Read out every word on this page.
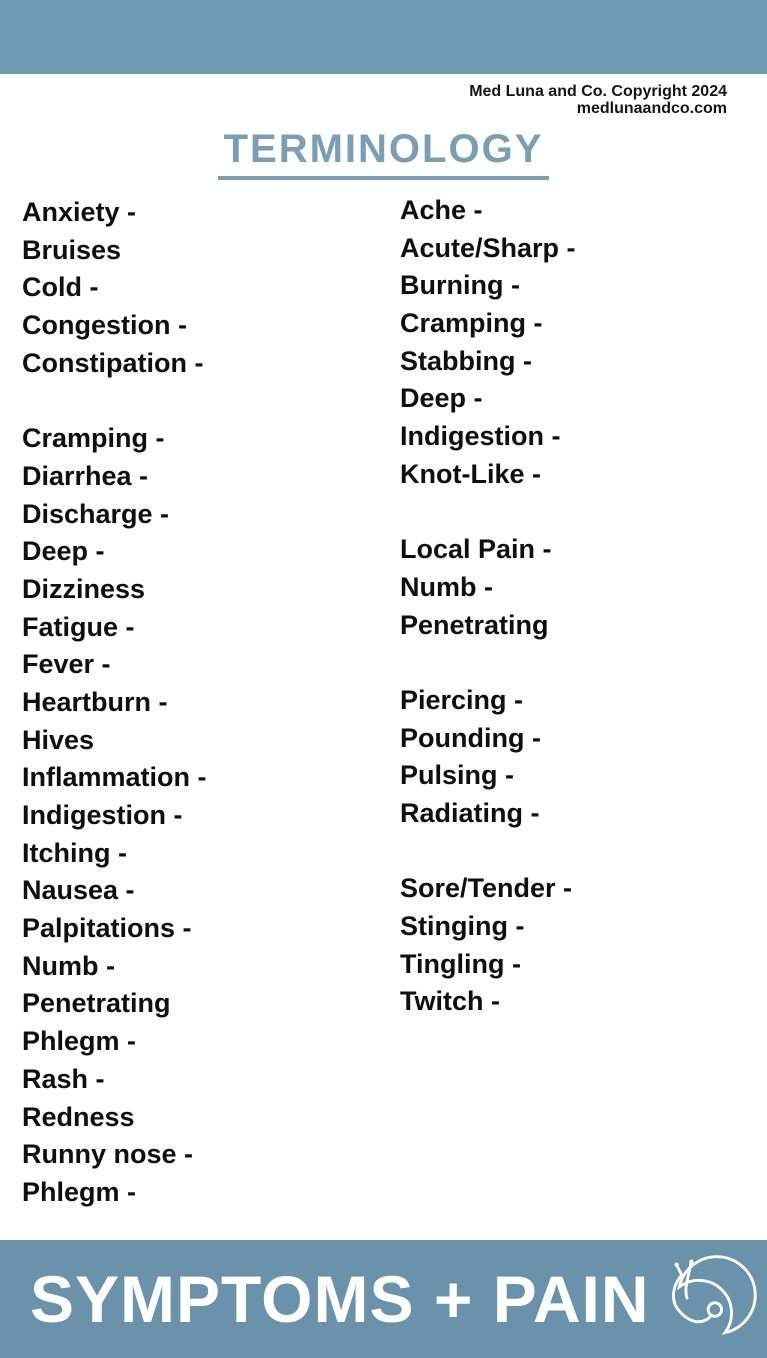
Med Luna and Co. Copyright 2024
medlunaandco.com
TERMINOLOGY
Anxiety -
Bruises
Cold -
Congestion -
Constipation -
Cramping -
Diarrhea -
Discharge -
Deep -
Dizziness
Fatigue -
Fever -
Heartburn -
Hives
Inflammation -
Indigestion -
Itching -
Nausea -
Palpitations -
Numb -
Penetrating
Phlegm -
Rash -
Redness
Runny nose -
Phlegm -
Ache -
Acute/Sharp -
Burning -
Cramping -
Stabbing -
Deep -
Indigestion -
Knot-Like -
Local Pain -
Numb -
Penetrating
Piercing -
Pounding -
Pulsing -
Radiating -
Sore/Tender -
Stinging -
Tingling -
Twitch -
SYMPTOMS + PAIN
